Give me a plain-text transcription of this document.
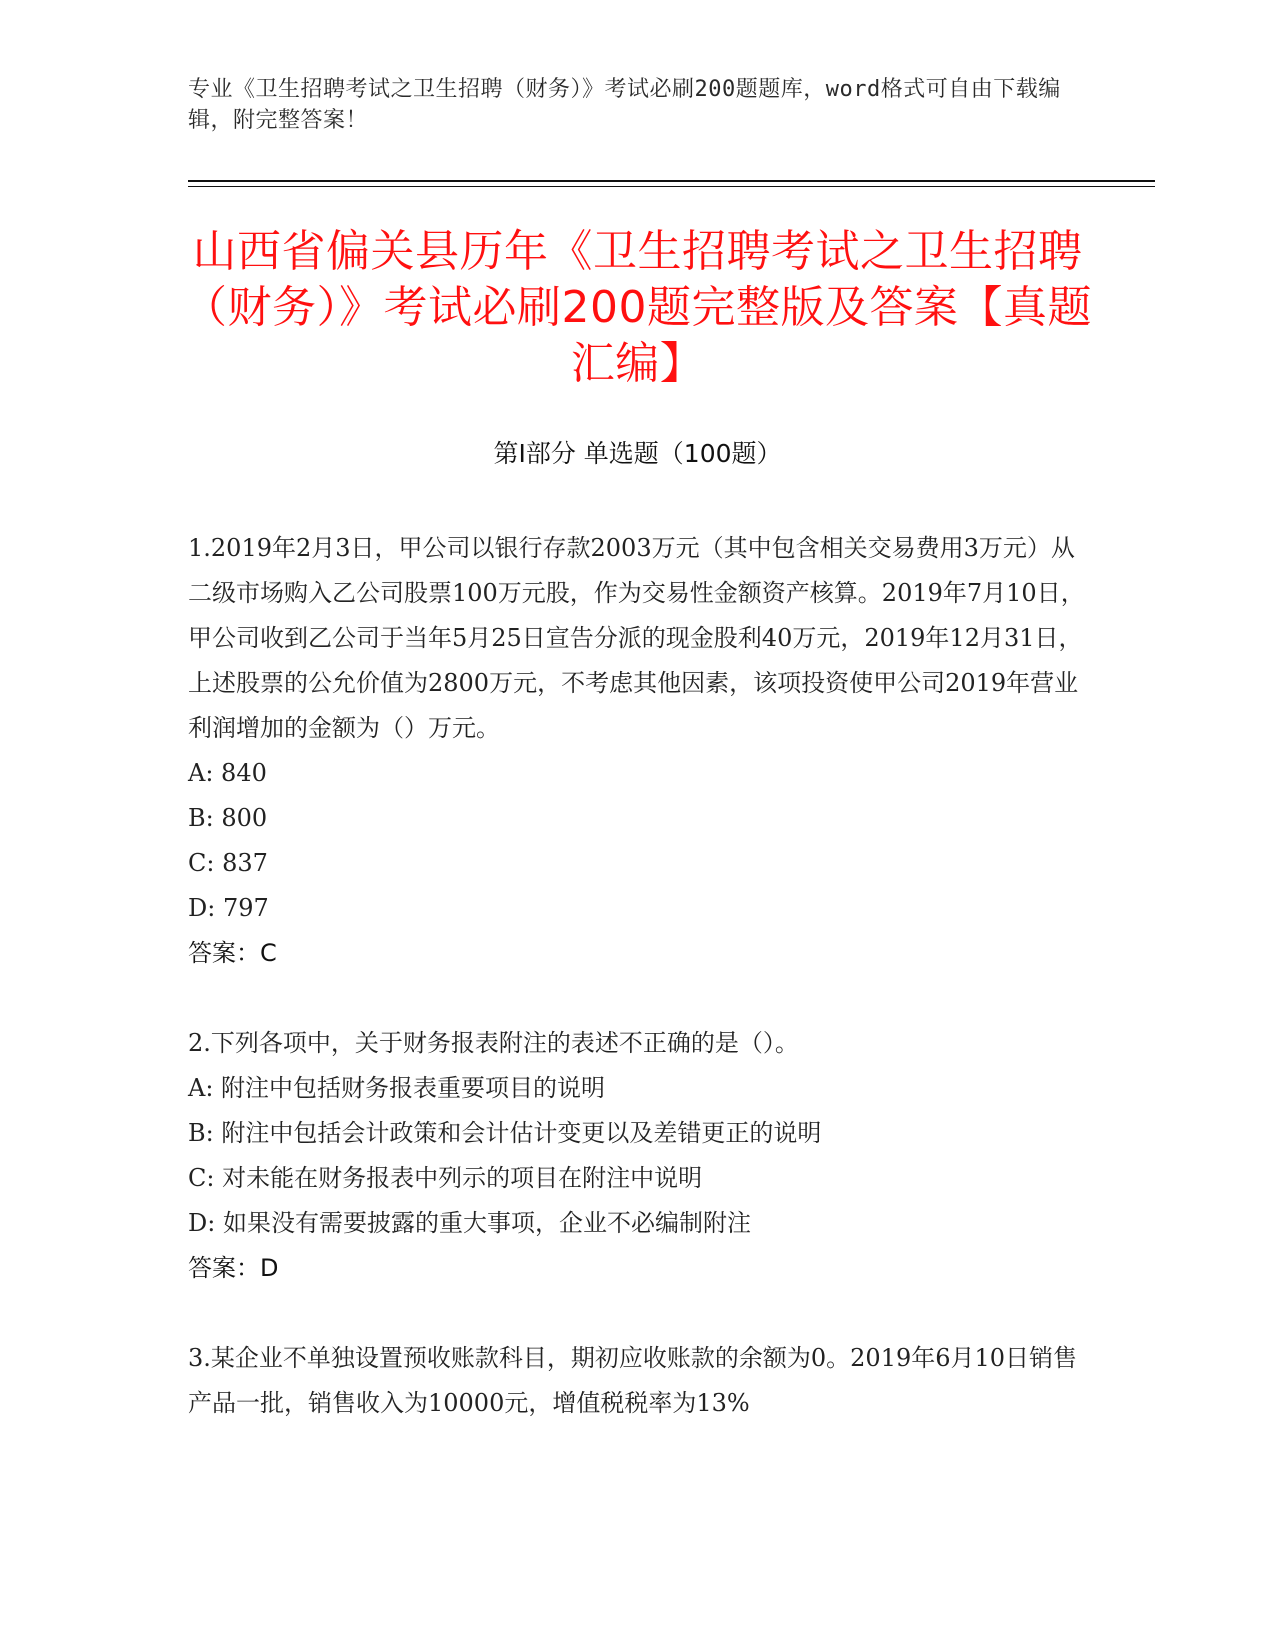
专业《卫生招聘考试之卫生招聘（财务）》考试必刷200题题库，word格式可自由下载编辑，附完整答案！
山西省偏关县历年《卫生招聘考试之卫生招聘（财务）》考试必刷200题完整版及答案【真题汇编】
第Ⅰ部分 单选题（100题）

1.2019年2月3日，甲公司以银行存款2003万元（其中包含相关交易费用3万元）从二级市场购入乙公司股票100万元股，作为交易性金额资产核算。2019年7月10日，甲公司收到乙公司于当年5月25日宣告分派的现金股利40万元，2019年12月31日，上述股票的公允价值为2800万元，不考虑其他因素，该项投资使甲公司2019年营业利润增加的金额为（）万元。

A: 840

B: 800

C: 837

D: 797

答案：C

2.下列各项中，关于财务报表附注的表述不正确的是（）。

A: 附注中包括财务报表重要项目的说明

B: 附注中包括会计政策和会计估计变更以及差错更正的说明

C: 对未能在财务报表中列示的项目在附注中说明

D: 如果没有需要披露的重大事项，企业不必编制附注

答案：D

3.某企业不单独设置预收账款科目，期初应收账款的余额为0。2019年6月10日销售产品一批，销售收入为10000元，增值税税率为13%
